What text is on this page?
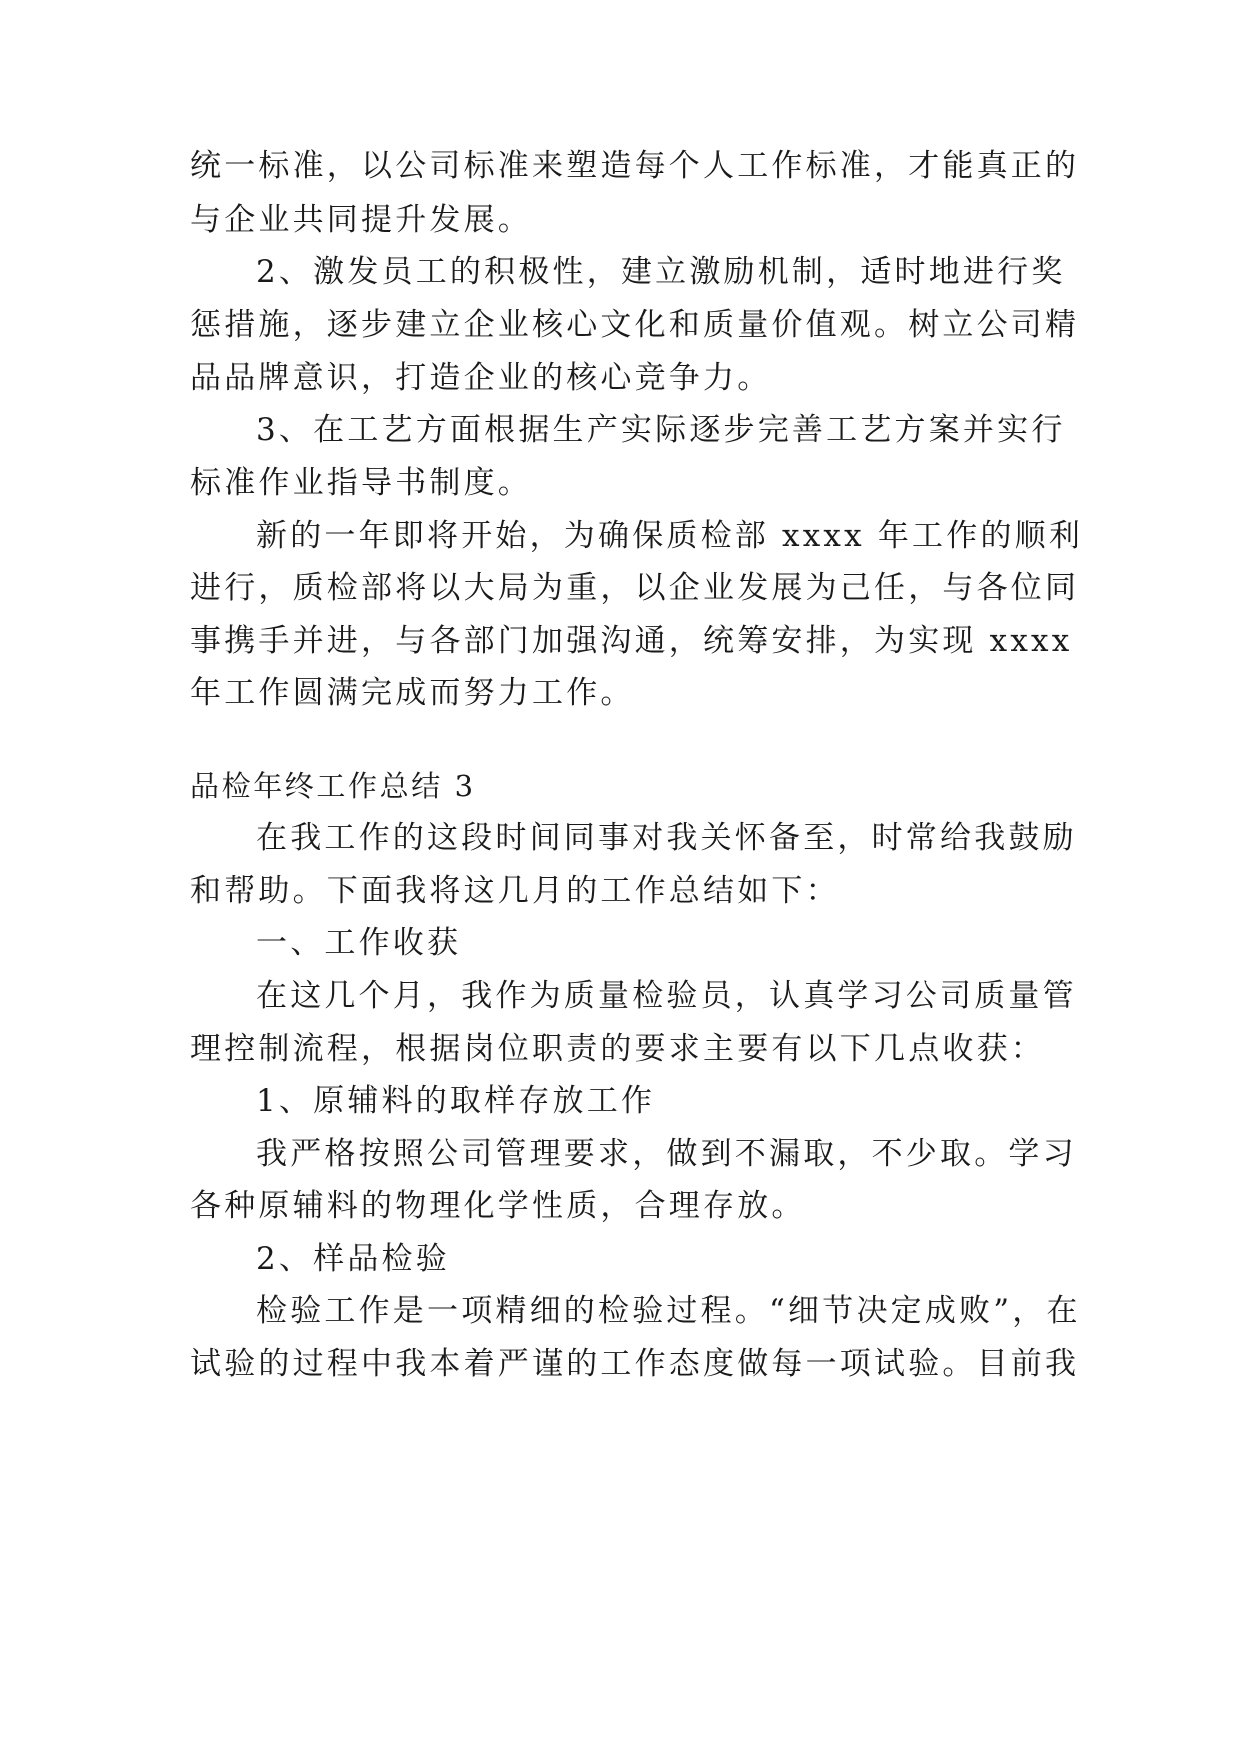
统一标准，以公司标准来塑造每个人工作标准，才能真正的
与企业共同提升发展。
2、激发员工的积极性，建立激励机制，适时地进行奖
惩措施，逐步建立企业核心文化和质量价值观。树立公司精
品品牌意识，打造企业的核心竞争力。
3、在工艺方面根据生产实际逐步完善工艺方案并实行
标准作业指导书制度。
新的一年即将开始，为确保质检部 xxxx 年工作的顺利
进行，质检部将以大局为重，以企业发展为己任，与各位同
事携手并进，与各部门加强沟通，统筹安排，为实现 xxxx
年工作圆满完成而努力工作。
品检年终工作总结 3
在我工作的这段时间同事对我关怀备至，时常给我鼓励
和帮助。下面我将这几月的工作总结如下：
一、工作收获
在这几个月，我作为质量检验员，认真学习公司质量管
理控制流程，根据岗位职责的要求主要有以下几点收获：
1、原辅料的取样存放工作
我严格按照公司管理要求，做到不漏取，不少取。学习
各种原辅料的物理化学性质，合理存放。
2、样品检验
检验工作是一项精细的检验过程。“细节决定成败”，在
试验的过程中我本着严谨的工作态度做每一项试验。目前我
